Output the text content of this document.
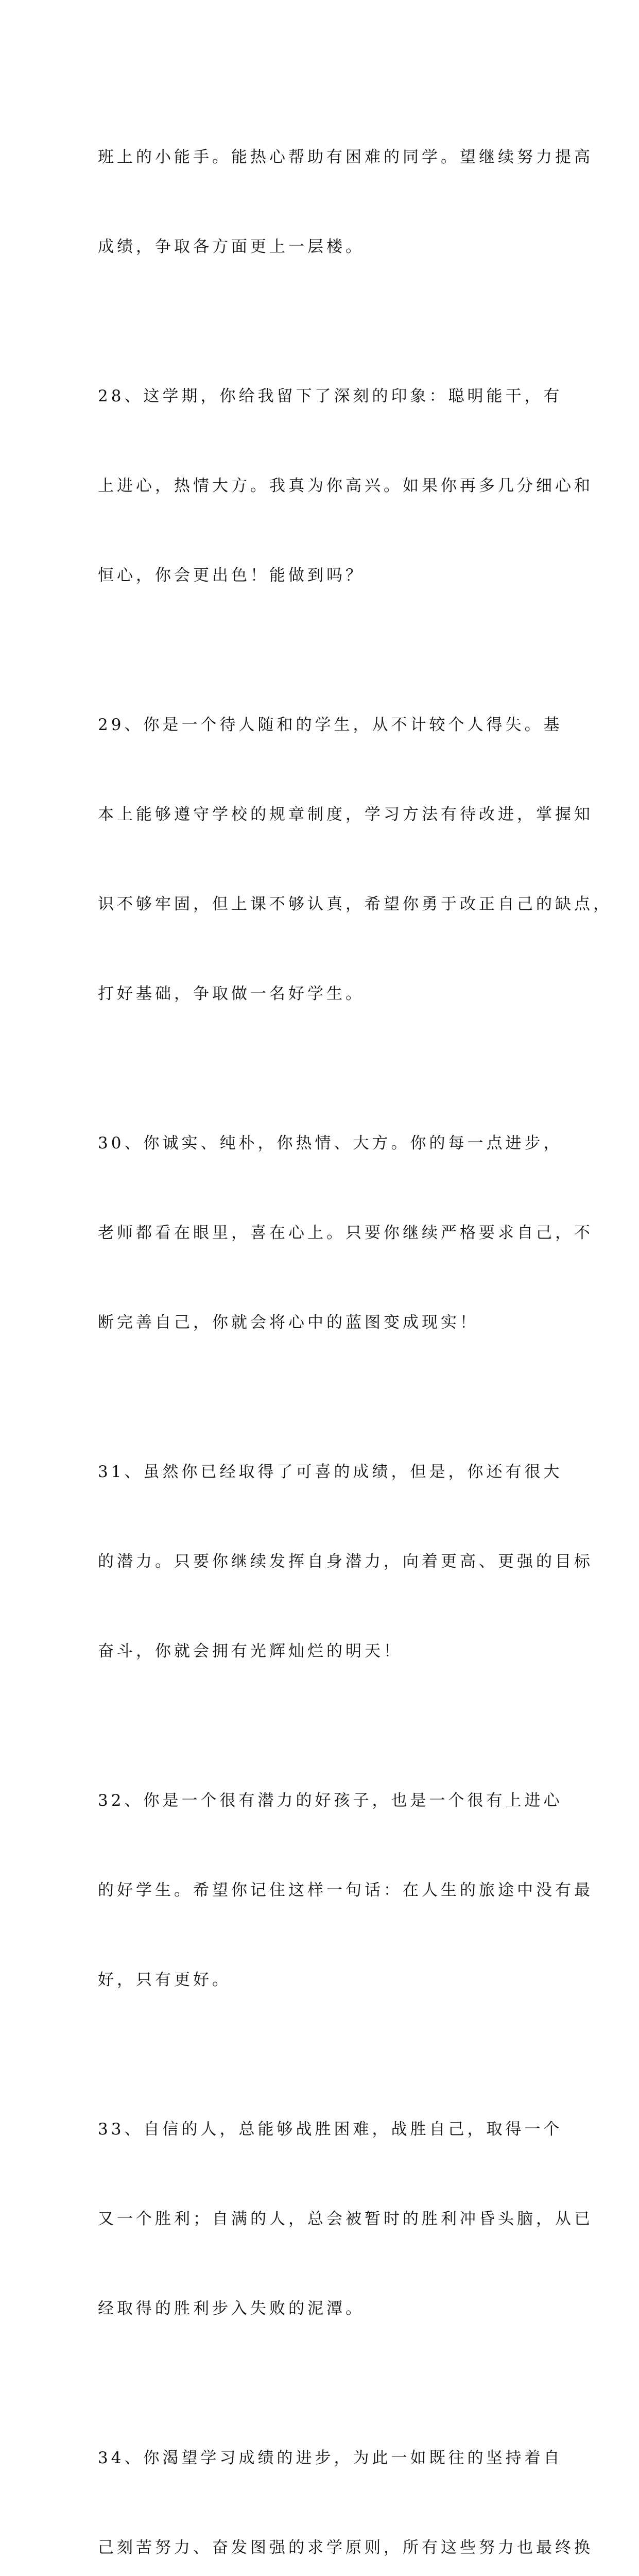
班上的小能手。能热心帮助有困难的同学。望继续努力提高

成绩，争取各方面更上一层楼。

28、这学期，你给我留下了深刻的印象：聪明能干，有

上进心，热情大方。我真为你高兴。如果你再多几分细心和

恒心，你会更出色！能做到吗？

29、你是一个待人随和的学生，从不计较个人得失。基

本上能够遵守学校的规章制度，学习方法有待改进，掌握知

识不够牢固，但上课不够认真，希望你勇于改正自己的缺点，

打好基础，争取做一名好学生。

30、你诚实、纯朴，你热情、大方。你的每一点进步，

老师都看在眼里，喜在心上。只要你继续严格要求自己，不

断完善自己，你就会将心中的蓝图变成现实！

31、虽然你已经取得了可喜的成绩，但是，你还有很大

的潜力。只要你继续发挥自身潜力，向着更高、更强的目标

奋斗，你就会拥有光辉灿烂的明天！

32、你是一个很有潜力的好孩子，也是一个很有上进心

的好学生。希望你记住这样一句话：在人生的旅途中没有最

好，只有更好。

33、自信的人，总能够战胜困难，战胜自己，取得一个

又一个胜利；自满的人，总会被暂时的胜利冲昏头脑，从已

经取得的胜利步入失败的泥潭。

34、你渴望学习成绩的进步，为此一如既往的坚持着自

己刻苦努力、奋发图强的求学原则，所有这些努力也最终换
